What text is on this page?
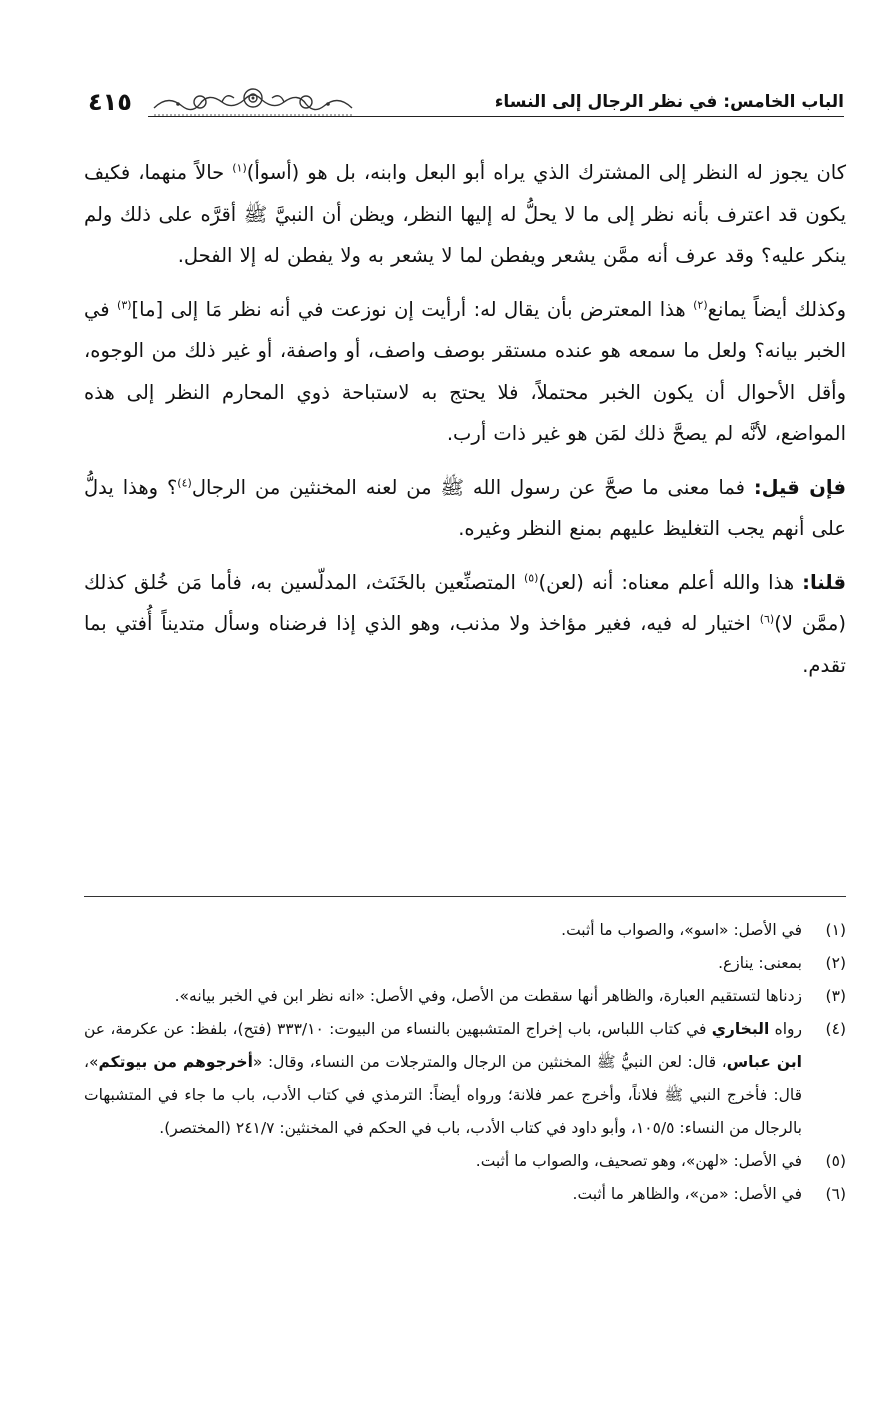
الباب الخامس: في نظر الرجال إلى النساء
٤١٥

كان يجوز له النظر إلى المشترك الذي يراه أبو البعل وابنه، بل هو (أسوأ)$^{(١)}$ حالاً منهما، فكيف يكون قد اعترف بأنه نظر إلى ما لا يحلُّ له إليها النظر، ويظن أن النبيَّ ﷺ أقرَّه على ذلك ولم ينكر عليه؟ وقد عرف أنه ممَّن يشعر ويفطن لما لا يشعر به ولا يفطن له إلا الفحل.

وكذلك أيضاً يمانع$^{(٢)}$ هذا المعترض بأن يقال له: أرأيت إن نوزعت في أنه نظر مَا إلى [ما]$^{(٣)}$ في الخبر بيانه؟ ولعل ما سمعه هو عنده مستقر بوصف واصف، أو واصفة، أو غير ذلك من الوجوه، وأقل الأحوال أن يكون الخبر محتملاً، فلا يحتج به لاستباحة ذوي المحارم النظر إلى هذه المواضع، لأنَّه لم يصحَّ ذلك لمَن هو غير ذات أرب.

فإن قيل: فما معنى ما صحَّ عن رسول الله ﷺ من لعنه المخنثين من الرجال$^{(٤)}$؟ وهذا يدلُّ على أنهم يجب التغليظ عليهم بمنع النظر وغيره.

قلنا: هذا والله أعلم معناه: أنه (لعن)$^{(٥)}$ المتصنِّعين بالخَنَث، المدلّسين به، فأما مَن خُلق كذلك (ممَّن لا)$^{(٦)}$ اختيار له فيه، فغير مؤاخذ ولا مذنب، وهو الذي إذا فرضناه وسأل متديناً أُفتي بما تقدم.

(١)
في الأصل: «اسو»، والصواب ما أثبت.
(٢)
بمعنى: ينازع.
(٣)
زدناها لتستقيم العبارة، والظاهر أنها سقطت من الأصل، وفي الأصل: «انه نظر ابن في الخبر بيانه».
(٤)
رواه البخاري في كتاب اللباس، باب إخراج المتشبهين بالنساء من البيوت: ٣٣٣/١٠ (فتح)، بلفظ: عن عكرمة، عن ابن عباس، قال: لعن النبيُّ ﷺ المخنثين من الرجال والمترجلات من النساء، وقال: «أخرجوهم من بيوتكم»، قال: فأخرج النبي ﷺ فلاناً، وأخرج عمر فلانة؛ ورواه أيضاً: الترمذي في كتاب الأدب، باب ما جاء في المتشبهات بالرجال من النساء: ١٠٥/٥، وأبو داود في كتاب الأدب، باب في الحكم في المخنثين: ٢٤١/٧ (المختصر).
(٥)
في الأصل: «لهن»، وهو تصحيف، والصواب ما أثبت.
(٦)
في الأصل: «من»، والظاهر ما أثبت.
